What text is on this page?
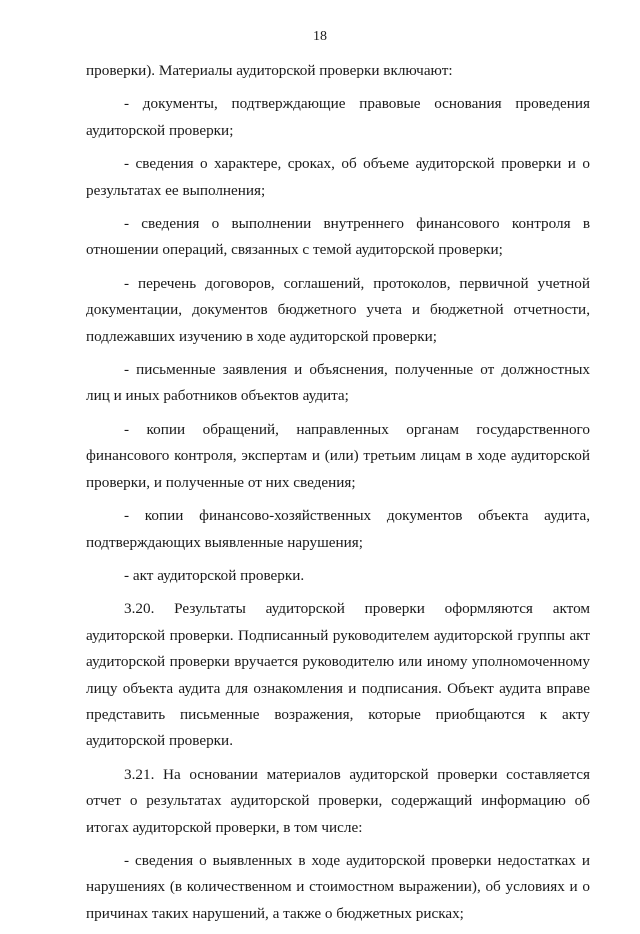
18

проверки). Материалы аудиторской проверки включают:

- документы, подтверждающие правовые основания проведения аудиторской проверки;

- сведения о характере, сроках, об объеме аудиторской проверки и о результатах ее выполнения;

- сведения о выполнении внутреннего финансового контроля в отношении операций, связанных с темой аудиторской проверки;

- перечень договоров, соглашений, протоколов, первичной учетной документации, документов бюджетного учета и бюджетной отчетности, подлежавших изучению в ходе аудиторской проверки;

- письменные заявления и объяснения, полученные от должностных лиц и иных работников объектов аудита;

- копии обращений, направленных органам государственного финансового контроля, экспертам и (или) третьим лицам в ходе аудиторской проверки, и полученные от них сведения;

- копии финансово-хозяйственных документов объекта аудита, подтверждающих выявленные нарушения;

- акт аудиторской проверки.

3.20. Результаты аудиторской проверки оформляются актом аудиторской проверки. Подписанный руководителем аудиторской группы акт аудиторской проверки вручается руководителю или иному уполномоченному лицу объекта аудита для ознакомления и подписания. Объект аудита вправе представить письменные возражения, которые приобщаются к акту аудиторской проверки.

3.21. На основании материалов аудиторской проверки составляется отчет о результатах аудиторской проверки, содержащий информацию об итогах аудиторской проверки, в том числе:

- сведения о выявленных в ходе аудиторской проверки недостатках и нарушениях (в количественном и стоимостном выражении), об условиях и о причинах таких нарушений, а также о бюджетных рисках;
